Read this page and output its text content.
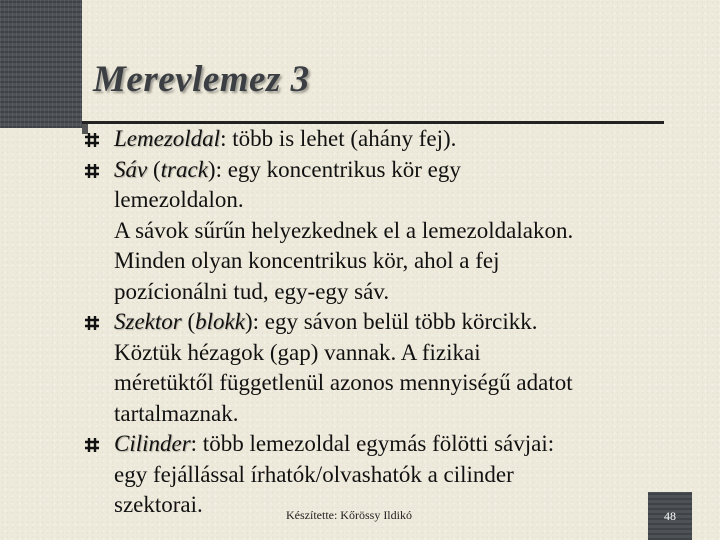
Merevlemez 3
Lemezoldal: több is lehet (ahány fej).
Sáv (track): egy koncentrikus kör egy
lemezoldalon.
A sávok sűrűn helyezkednek el a lemezoldalakon.
Minden olyan koncentrikus kör, ahol a fej
pozícionálni tud, egy-egy sáv.
Szektor (blokk): egy sávon belül több körcikk.
Köztük hézagok (gap) vannak. A fizikai
méretüktől függetlenül azonos mennyiségű adatot
tartalmaznak.
Cilinder: több lemezoldal egymás fölötti sávjai:
egy fejállással írhatók/olvashatók a cilinder
szektorai.	Készítette: Kőrössy Ildikó	48
